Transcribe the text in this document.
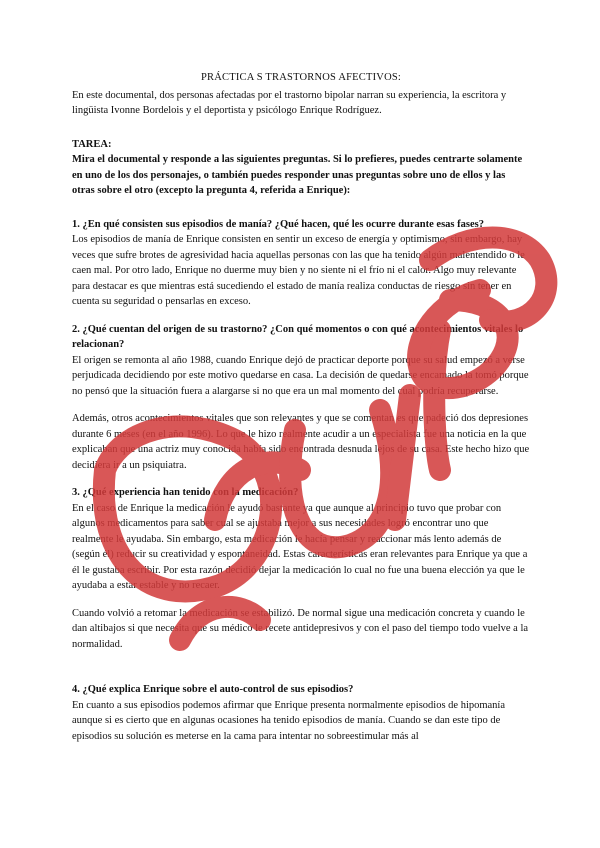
PRÁCTICA S TRASTORNOS AFECTIVOS:

En este documental, dos personas afectadas por el trastorno bipolar narran su experiencia, la escritora y lingüista Ivonne Bordelois y el deportista y psicólogo Enrique Rodríguez.

TAREA:

Mira el documental y responde a las siguientes preguntas. Si lo prefieres, puedes centrarte solamente en uno de los dos personajes, o también puedes responder unas preguntas sobre uno de ellos y las otras sobre el otro (excepto la pregunta 4, referida a Enrique):

1. ¿En qué consisten sus episodios de manía? ¿Qué hacen, qué les ocurre durante esas fases?

Los episodios de manía de Enrique consisten en sentir un exceso de energía y optimismo, sin embargo, hay veces que sufre brotes de agresividad hacia aquellas personas con las que ha tenido algún malentendido o le caen mal. Por otro lado, Enrique no duerme muy bien y no siente ni el frío ni el calor. Algo muy relevante para destacar es que mientras está sucediendo el estado de manía realiza conductas de riesgo sin tener en cuenta su seguridad o pensarlas en exceso.

2. ¿Qué cuentan del origen de su trastorno? ¿Con qué momentos o con qué acontecimientos vitales lo relacionan?

El origen se remonta al año 1988, cuando Enrique dejó de practicar deporte porque su salud empezó a verse perjudicada decidiendo por este motivo quedarse en casa. La decisión de quedarse encamado la tomó porque no pensó que la situación fuera a alargarse si no que era un mal momento del cual podría recuperarse.

Además, otros acontecimientos vitales que son relevantes y que se comentan es que padeció dos depresiones durante 6 meses (en el año 1996). Lo que le hizo realmente acudir a un especialista fue una noticia en la que explicaban que una actriz muy conocida había sido encontrada desnuda lejos de su casa. Este hecho hizo que decidiera ir a un psiquiatra.

3. ¿Qué experiencia han tenido con la medicación?

En el caso de Enrique la medicación le ayudó bastante ya que aunque al principio tuvo que probar con algunos medicamentos para saber cual se ajustaba mejor a sus necesidades logró encontrar uno que realmente le ayudaba. Sin embargo, esta medicación le hacía pensar y reaccionar más lento además de (según él) reducir su creatividad y espontaneidad. Estas características eran relevantes para Enrique ya que a él le gustaba escribir. Por esta razón decidió dejar la medicación lo cual no fue una buena elección ya que le ayudaba a estar estable y no recaer.

Cuando volvió a retomar la medicación se estabilizó. De normal sigue una medicación concreta y cuando le dan altibajos si que necesita que su médico le recete antidepresivos y con el paso del tiempo todo vuelve a la normalidad.

4. ¿Qué explica Enrique sobre el auto-control de sus episodios?

En cuanto a sus episodios podemos afirmar que Enrique presenta normalmente episodios de hipomanía aunque si es cierto que en algunas ocasiones ha tenido episodios de manía. Cuando se dan este tipo de episodios su solución es meterse en la cama para intentar no sobreestimular más al
